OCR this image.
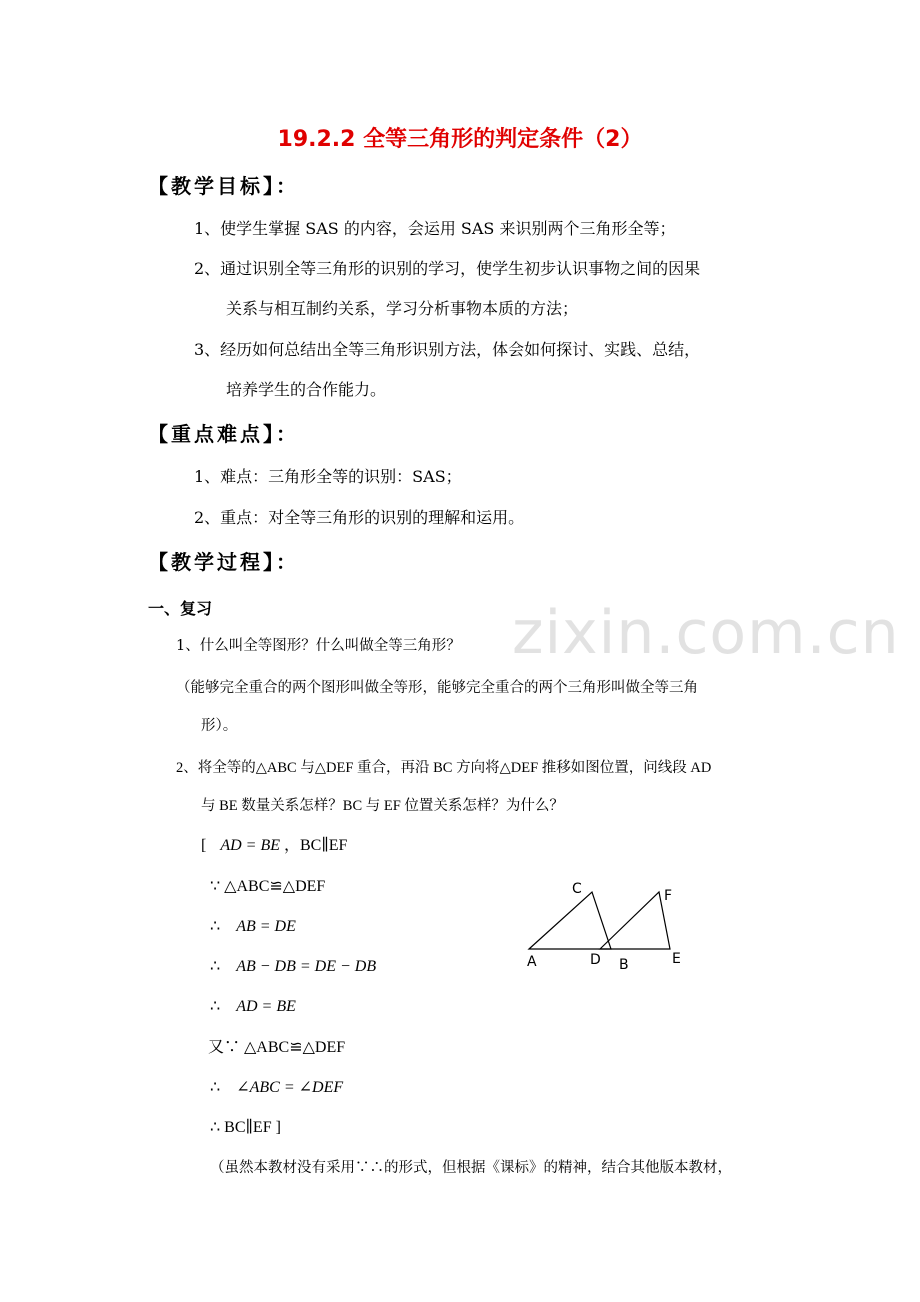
19.2.2 全等三角形的判定条件（2）
【教学目标】：
1、使学生掌握 SAS 的内容，会运用 SAS 来识别两个三角形全等；
2、通过识别全等三角形的识别的学习，使学生初步认识事物之间的因果
关系与相互制约关系，学习分析事物本质的方法；
3、经历如何总结出全等三角形识别方法，体会如何探讨、实践、总结，
培养学生的合作能力。
【重点难点】：
1、难点：三角形全等的识别：SAS；
2、重点：对全等三角形的识别的理解和运用。
【教学过程】：
zixin.com.cn
一、复习
1、什么叫全等图形？什么叫做全等三角形？
（能够完全重合的两个图形叫做全等形，能够完全重合的两个三角形叫做全等三角
形）。
2、将全等的△ABC 与△DEF 重合，再沿 BC 方向将△DEF 推移如图位置，问线段 AD
与 BE 数量关系怎样？BC 与 EF 位置关系怎样？为什么？
[ AD = BE ，BC∥EF
∵ △ABC≌△DEF
∴ AB = DE
∴ AB − DB = DE − DB
∴ AD = BE
又∵ △ABC≌△DEF
∴ ∠ABC = ∠DEF
∴ BC∥EF ]
（虽然本教材没有采用∵∴的形式，但根据《课标》的精神，结合其他版本教材，
C	F
A	D B	E
